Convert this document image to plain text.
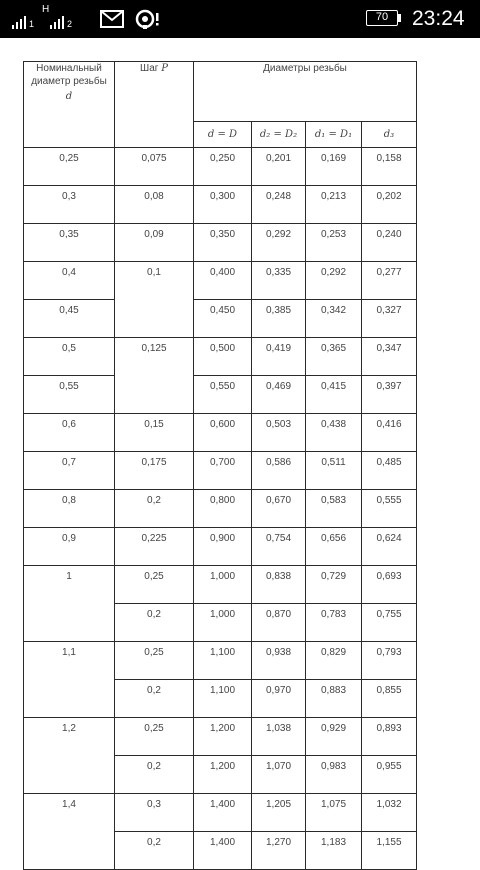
1
H
2
70	23:24
Номинальный диаметр резьбы
d	Шаг P	Диаметры резьбы			
		d = D	d₂ = D₂	d₁ = D₁	d₃
0,25	0,075	0,250	0,201	0,169	0,158
0,3	0,08	0,300	0,248	0,213	0,202
0,35	0,09	0,350	0,292	0,253	0,240
0,4	0,1	0,400	0,335	0,292	0,277
0,45		0,450	0,385	0,342	0,327
0,5	0,125	0,500	0,419	0,365	0,347
0,55		0,550	0,469	0,415	0,397
0,6	0,15	0,600	0,503	0,438	0,416
0,7	0,175	0,700	0,586	0,511	0,485
0,8	0,2	0,800	0,670	0,583	0,555
0,9	0,225	0,900	0,754	0,656	0,624
1	0,25	1,000	0,838	0,729	0,693
	0,2	1,000	0,870	0,783	0,755
1,1	0,25	1,100	0,938	0,829	0,793
	0,2	1,100	0,970	0,883	0,855
1,2	0,25	1,200	1,038	0,929	0,893
	0,2	1,200	1,070	0,983	0,955
1,4	0,3	1,400	1,205	1,075	1,032
	0,2	1,400	1,270	1,183	1,155
